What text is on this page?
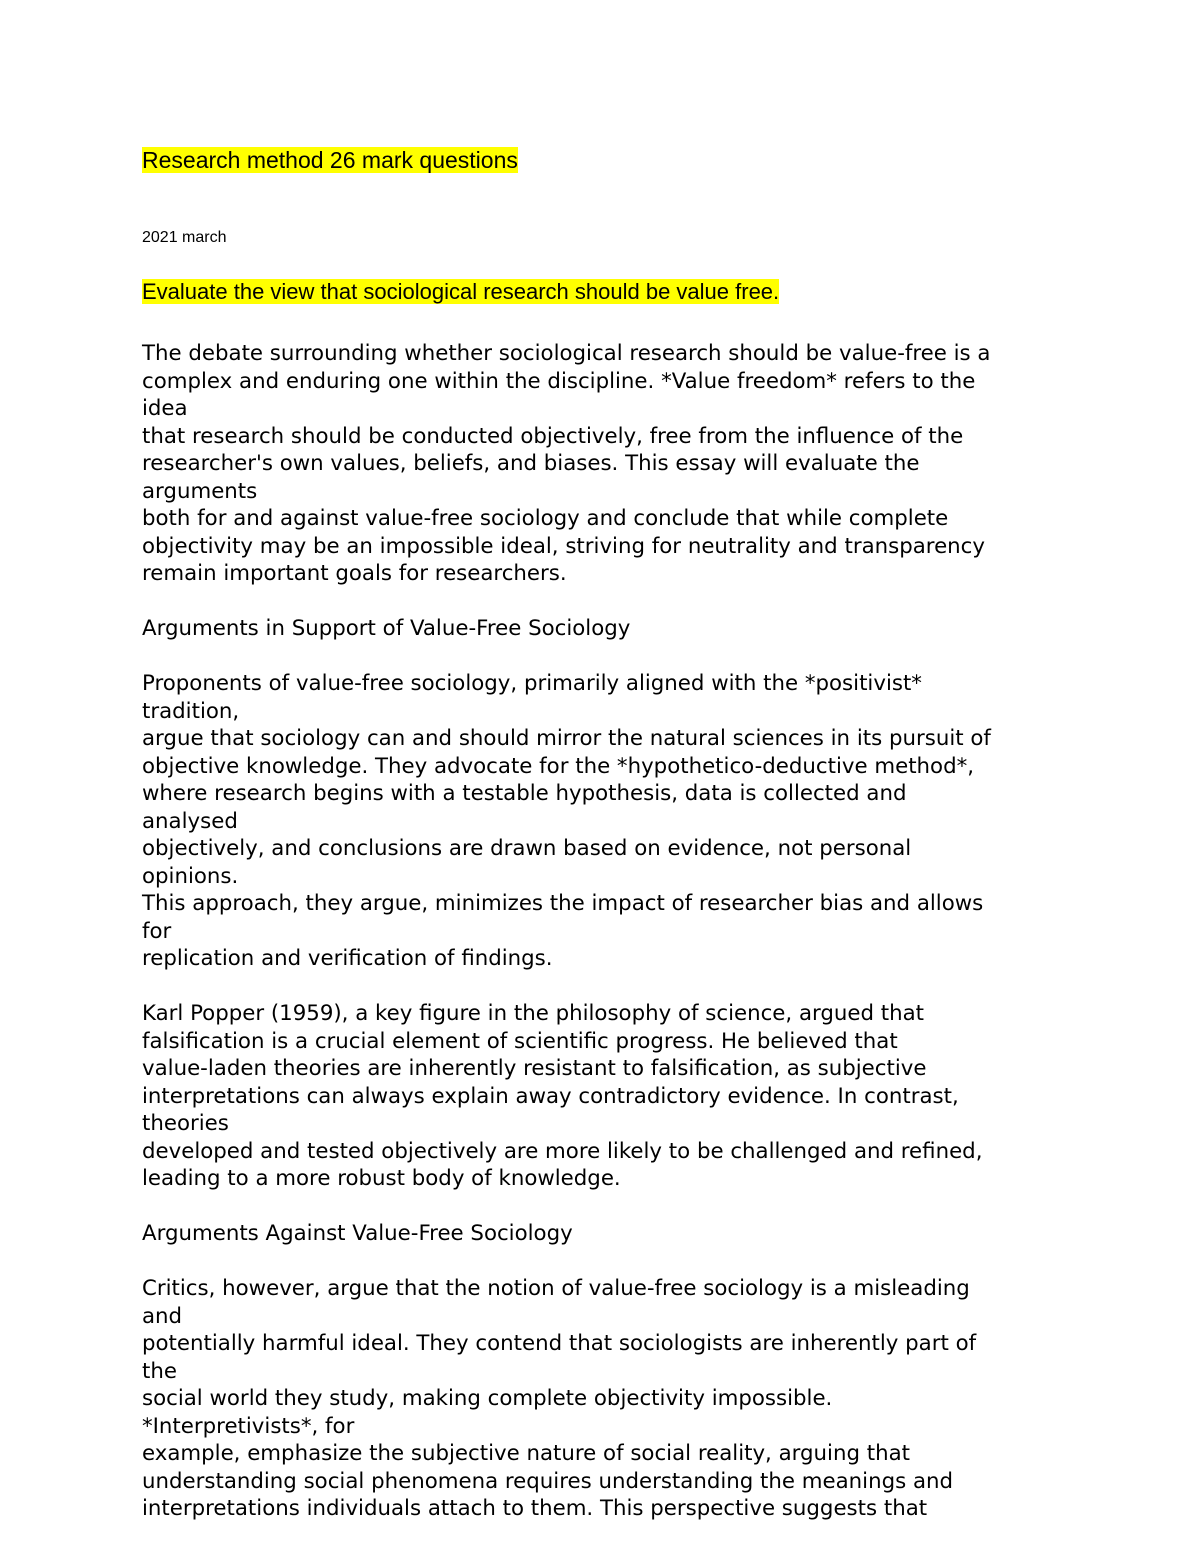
Research method 26 mark questions
2021 march
Evaluate the view that sociological research should be value free.
The debate surrounding whether sociological research should be value-free is a
complex and enduring one within the discipline. *Value freedom* refers to the
idea
that research should be conducted objectively, free from the influence of the
researcher's own values, beliefs, and biases. This essay will evaluate the
arguments
both for and against value-free sociology and conclude that while complete
objectivity may be an impossible ideal, striving for neutrality and transparency
remain important goals for researchers.
Arguments in Support of Value-Free Sociology
Proponents of value-free sociology, primarily aligned with the *positivist*
tradition,
argue that sociology can and should mirror the natural sciences in its pursuit of
objective knowledge. They advocate for the *hypothetico-deductive method*,
where research begins with a testable hypothesis, data is collected and
analysed
objectively, and conclusions are drawn based on evidence, not personal
opinions.
This approach, they argue, minimizes the impact of researcher bias and allows
for
replication and verification of findings.
Karl Popper (1959), a key figure in the philosophy of science, argued that
falsification is a crucial element of scientific progress. He believed that
value-laden theories are inherently resistant to falsification, as subjective
interpretations can always explain away contradictory evidence. In contrast,
theories
developed and tested objectively are more likely to be challenged and refined,
leading to a more robust body of knowledge.
Arguments Against Value-Free Sociology
Critics, however, argue that the notion of value-free sociology is a misleading
and
potentially harmful ideal. They contend that sociologists are inherently part of
the
social world they study, making complete objectivity impossible.
*Interpretivists*, for
example, emphasize the subjective nature of social reality, arguing that
understanding social phenomena requires understanding the meanings and
interpretations individuals attach to them. This perspective suggests that
